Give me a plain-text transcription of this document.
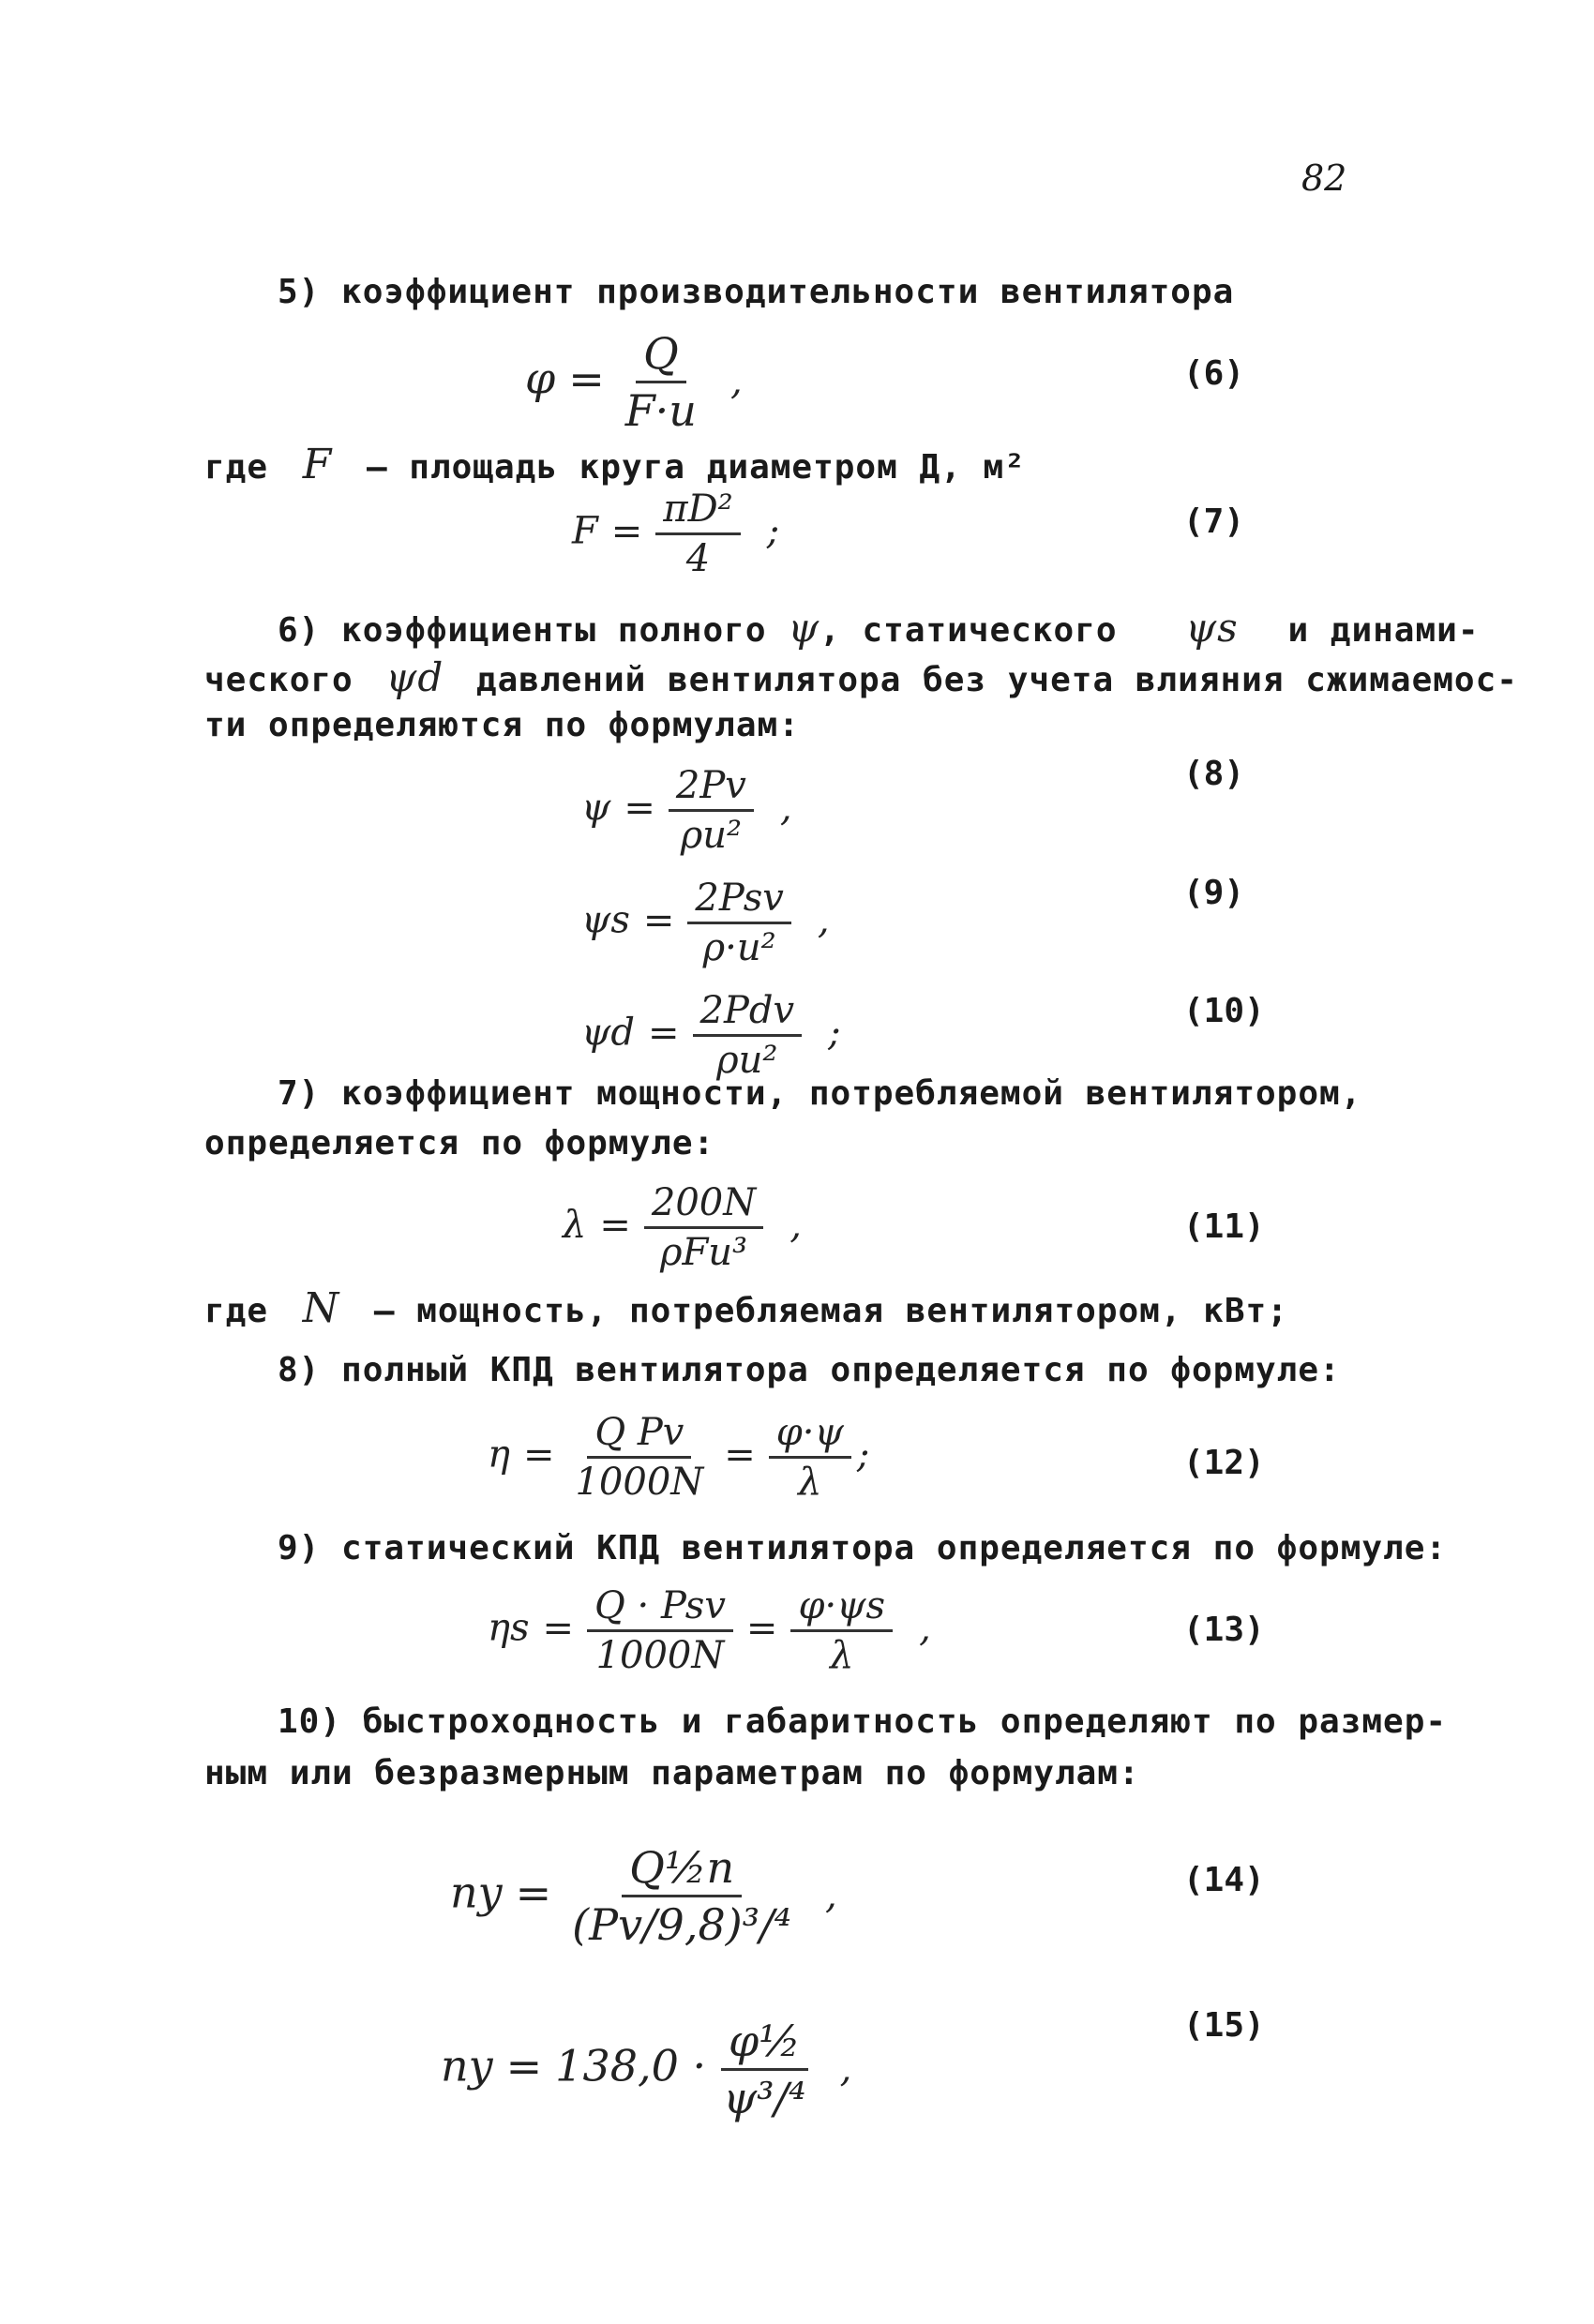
82
5) коэффициент производительности вентилятора
$\varphi = \frac{Q}{F\cdot u}$ ,	(6)
где F – площадь круга диаметром Д, м²
$F = \frac{\text{πD²}}{4}$ ;	(7)
6) коэффициенты полного ψ, статического ψs и динами-
ческого ψd давлений вентилятора без учета влияния сжимаемос-
ти определяются по формулам:
$\psi = \frac{2Pv}{\text{ρu²}}$ ,
(8)
$\psi s = \frac{\text{2Psv}}{\text{ρ·u²}}$ ,
(9)
$\psi d = \frac{\text{2Pdv}}{\text{ρu²}}$ ;	(10)
7) коэффициент мощности, потребляемой вентилятором,
определяется по формуле:
$\lambda = \frac{200N}{\text{ρFu³}}$ ,	(11)
где N – мощность, потребляемая вентилятором, кВт;
8) полный КПД вентилятора определяется по формуле:
$\eta = \frac{\text{Q Pv}}{1000N} = \frac{\varphi\cdot\psi}{\lambda}$ ;	(12)
9) статический КПД вентилятора определяется по формуле:
$\eta s = \frac{\text{Q · Psv}}{1000N} = \frac{\varphi\cdot\psi s}{\lambda}$ ,	(13)
10) быстроходность и габаритность определяют по размер-
ным или безразмерным параметрам по формулам:
ny = $\frac{\text{Q½n}}{\text{(Pv/9,8)³/⁴}}$ ,	(14)
ny = $138,0 \cdot \frac{\text{φ½}}{\text{ψ³/⁴}}$ ,
(15)
